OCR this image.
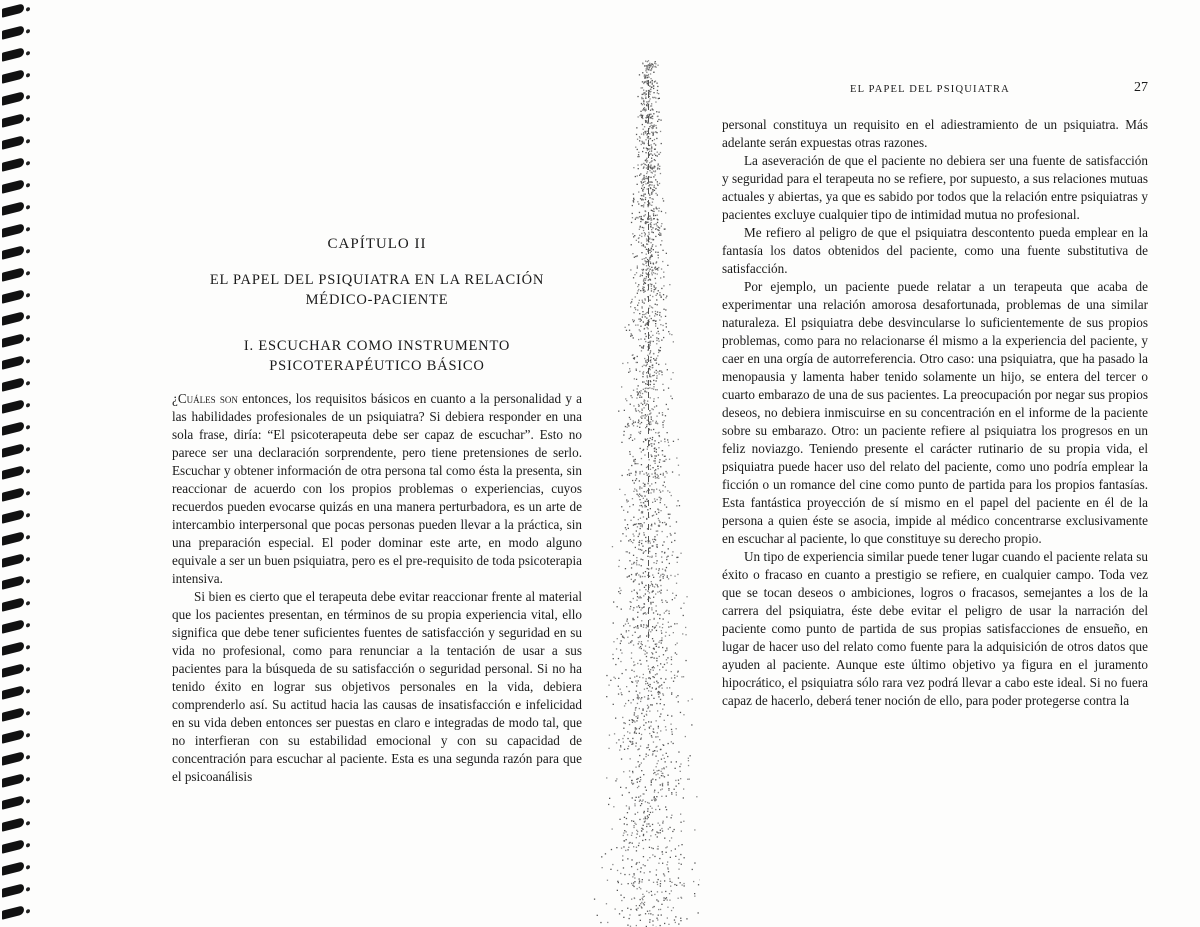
CAPÍTULO II
EL PAPEL DEL PSIQUIATRA EN LA RELACIÓN
MÉDICO-PACIENTE
I. ESCUCHAR COMO INSTRUMENTO
PSICOTERAPÉUTICO BÁSICO

¿Cuáles son entonces, los requisitos básicos en cuanto a la personalidad y a las habilidades profesionales de un psiquiatra? Si debiera responder en una sola frase, diría: “El psicoterapeuta debe ser capaz de escuchar”. Esto no parece ser una declaración sorprendente, pero tiene pretensiones de serlo. Escuchar y obtener información de otra persona tal como ésta la presenta, sin reaccionar de acuerdo con los propios problemas o experiencias, cuyos recuerdos pueden evocarse quizás en una manera perturbadora, es un arte de intercambio interpersonal que pocas personas pueden llevar a la práctica, sin una preparación especial. El poder dominar este arte, en modo alguno equivale a ser un buen psiquiatra, pero es el pre-requisito de toda psicoterapia intensiva.

Si bien es cierto que el terapeuta debe evitar reaccionar frente al material que los pacientes presentan, en términos de su propia experiencia vital, ello significa que debe tener suficientes fuentes de satisfacción y seguridad en su vida no profesional, como para renunciar a la tentación de usar a sus pacientes para la búsqueda de su satisfacción o seguridad personal. Si no ha tenido éxito en lograr sus objetivos personales en la vida, debiera comprenderlo así. Su actitud hacia las causas de insatisfacción e infelicidad en su vida deben entonces ser puestas en claro e integradas de modo tal, que no interfieran con su estabilidad emocional y con su capacidad de concentración para escuchar al paciente. Esta es una segunda razón para que el psicoanálisis

EL PAPEL DEL PSIQUIATRA	27

personal constituya un requisito en el adiestramiento de un psiquiatra. Más adelante serán expuestas otras razones.

La aseveración de que el paciente no debiera ser una fuente de satisfacción y seguridad para el terapeuta no se refiere, por supuesto, a sus relaciones mutuas actuales y abiertas, ya que es sabido por todos que la relación entre psiquiatras y pacientes excluye cualquier tipo de intimidad mutua no profesional.

Me refiero al peligro de que el psiquiatra descontento pueda emplear en la fantasía los datos obtenidos del paciente, como una fuente substitutiva de satisfacción.

Por ejemplo, un paciente puede relatar a un terapeuta que acaba de experimentar una relación amorosa desafortunada, problemas de una similar naturaleza. El psiquiatra debe desvincularse lo suficientemente de sus propios problemas, como para no relacionarse él mismo a la experiencia del paciente, y caer en una orgía de autorreferencia. Otro caso: una psiquiatra, que ha pasado la menopausia y lamenta haber tenido solamente un hijo, se entera del tercer o cuarto embarazo de una de sus pacientes. La preocupación por negar sus propios deseos, no debiera inmiscuirse en su concentración en el informe de la paciente sobre su embarazo. Otro: un paciente refiere al psiquiatra los progresos en un feliz noviazgo. Teniendo presente el carácter rutinario de su propia vida, el psiquiatra puede hacer uso del relato del paciente, como uno podría emplear la ficción o un romance del cine como punto de partida para los propios fantasías. Esta fantástica proyección de sí mismo en el papel del paciente en él de la persona a quien éste se asocia, impide al médico concentrarse exclusivamente en escuchar al paciente, lo que constituye su derecho propio.

Un tipo de experiencia similar puede tener lugar cuando el paciente relata su éxito o fracaso en cuanto a prestigio se refiere, en cualquier campo. Toda vez que se tocan deseos o ambiciones, logros o fracasos, semejantes a los de la carrera del psiquiatra, éste debe evitar el peligro de usar la narración del paciente como punto de partida de sus propias satisfacciones de ensueño, en lugar de hacer uso del relato como fuente para la adquisición de otros datos que ayuden al paciente. Aunque este último objetivo ya figura en el juramento hipocrático, el psiquiatra sólo rara vez podrá llevar a cabo este ideal. Si no fuera capaz de hacerlo, deberá tener noción de ello, para poder protegerse contra la
